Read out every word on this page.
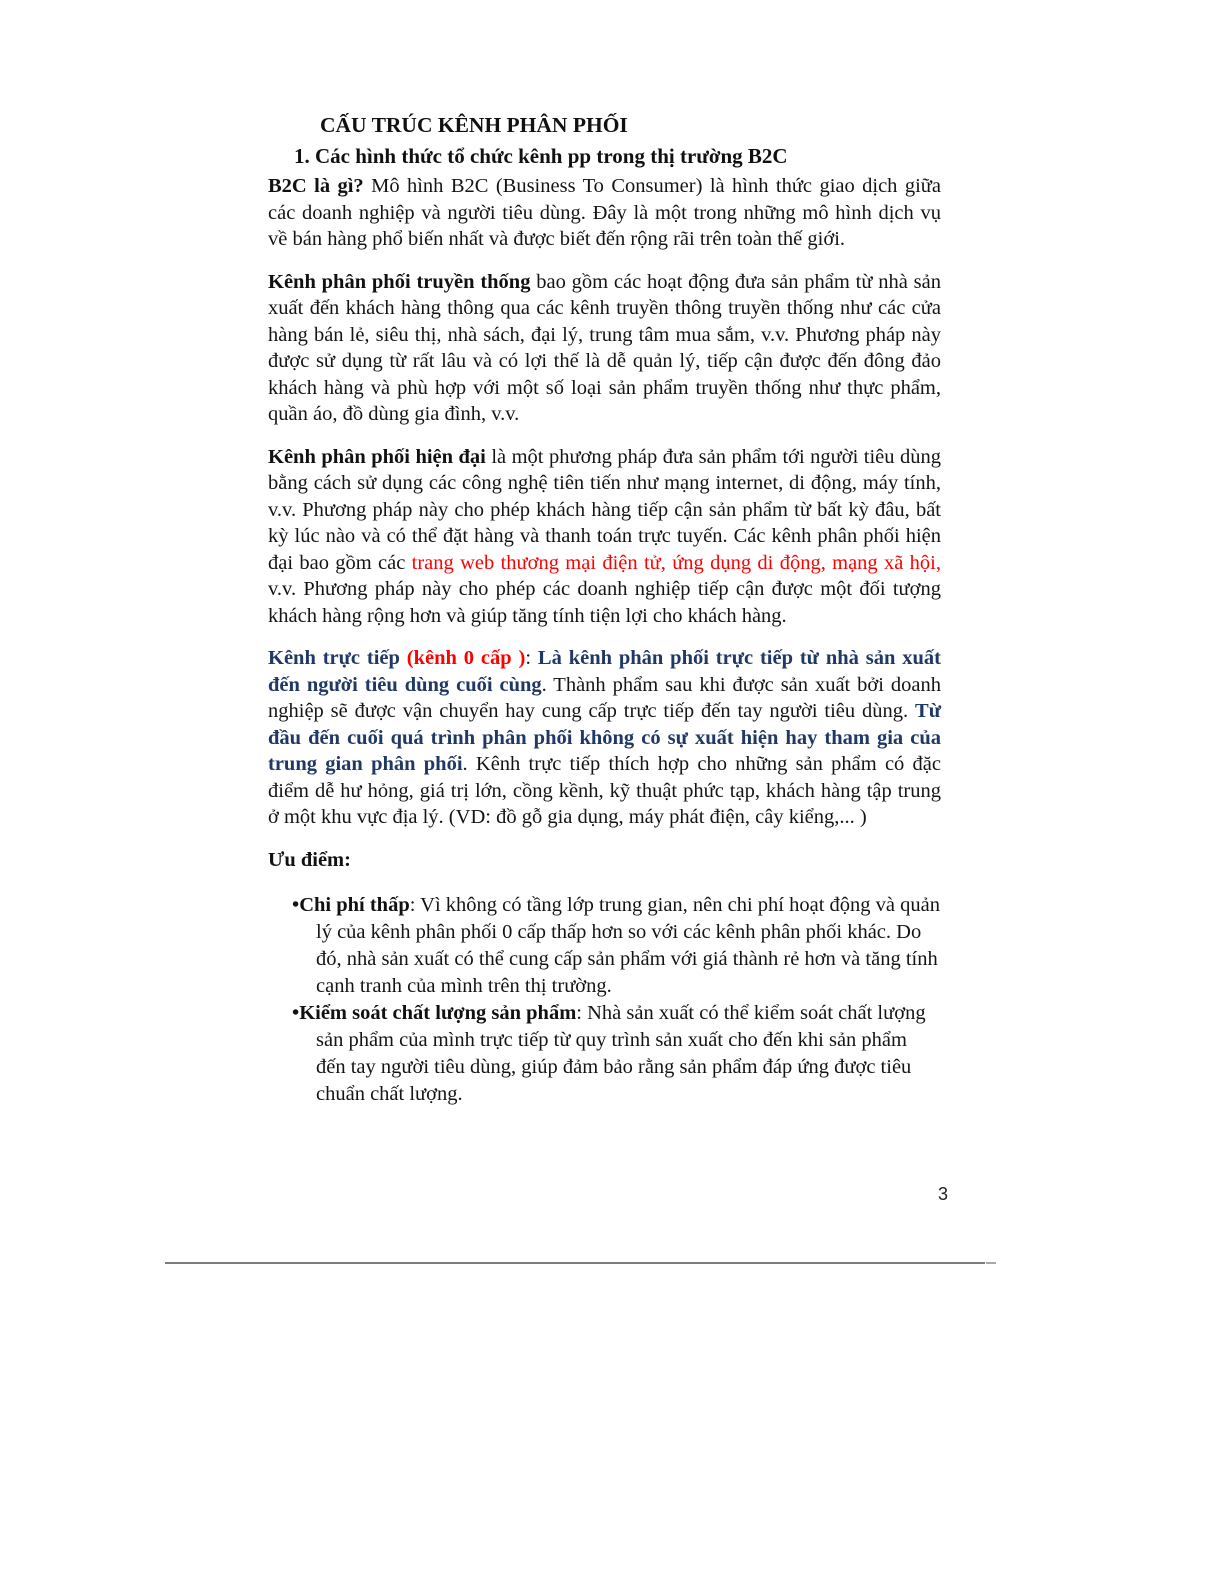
CẤU TRÚC KÊNH PHÂN PHỐI
1. Các hình thức tổ chức kênh pp trong thị trường B2C

B2C là gì? Mô hình B2C (Business To Consumer) là hình thức giao dịch giữa các doanh nghiệp và người tiêu dùng. Đây là một trong những mô hình dịch vụ về bán hàng phổ biến nhất và được biết đến rộng rãi trên toàn thế giới.

Kênh phân phối truyền thống bao gồm các hoạt động đưa sản phẩm từ nhà sản xuất đến khách hàng thông qua các kênh truyền thông truyền thống như các cửa hàng bán lẻ, siêu thị, nhà sách, đại lý, trung tâm mua sắm, v.v. Phương pháp này được sử dụng từ rất lâu và có lợi thế là dễ quản lý, tiếp cận được đến đông đảo khách hàng và phù hợp với một số loại sản phẩm truyền thống như thực phẩm, quần áo, đồ dùng gia đình, v.v.

Kênh phân phối hiện đại là một phương pháp đưa sản phẩm tới người tiêu dùng bằng cách sử dụng các công nghệ tiên tiến như mạng internet, di động, máy tính, v.v. Phương pháp này cho phép khách hàng tiếp cận sản phẩm từ bất kỳ đâu, bất kỳ lúc nào và có thể đặt hàng và thanh toán trực tuyến. Các kênh phân phối hiện đại bao gồm các trang web thương mại điện tử, ứng dụng di động, mạng xã hội, v.v. Phương pháp này cho phép các doanh nghiệp tiếp cận được một đối tượng khách hàng rộng hơn và giúp tăng tính tiện lợi cho khách hàng.

Kênh trực tiếp (kênh 0 cấp ): Là kênh phân phối trực tiếp từ nhà sản xuất đến người tiêu dùng cuối cùng. Thành phẩm sau khi được sản xuất bởi doanh nghiệp sẽ được vận chuyển hay cung cấp trực tiếp đến tay người tiêu dùng. Từ đầu đến cuối quá trình phân phối không có sự xuất hiện hay tham gia của trung gian phân phối. Kênh trực tiếp thích hợp cho những sản phẩm có đặc điểm dễ hư hỏng, giá trị lớn, cồng kềnh, kỹ thuật phức tạp, khách hàng tập trung ở một khu vực địa lý. (VD: đồ gỗ gia dụng, máy phát điện, cây kiểng,... )

Ưu điểm:
•Chi phí thấp: Vì không có tầng lớp trung gian, nên chi phí hoạt động và quản lý của kênh phân phối 0 cấp thấp hơn so với các kênh phân phối khác. Do đó, nhà sản xuất có thể cung cấp sản phẩm với giá thành rẻ hơn và tăng tính cạnh tranh của mình trên thị trường.
•Kiểm soát chất lượng sản phẩm: Nhà sản xuất có thể kiểm soát chất lượng sản phẩm của mình trực tiếp từ quy trình sản xuất cho đến khi sản phẩm đến tay người tiêu dùng, giúp đảm bảo rằng sản phẩm đáp ứng được tiêu chuẩn chất lượng.
3
